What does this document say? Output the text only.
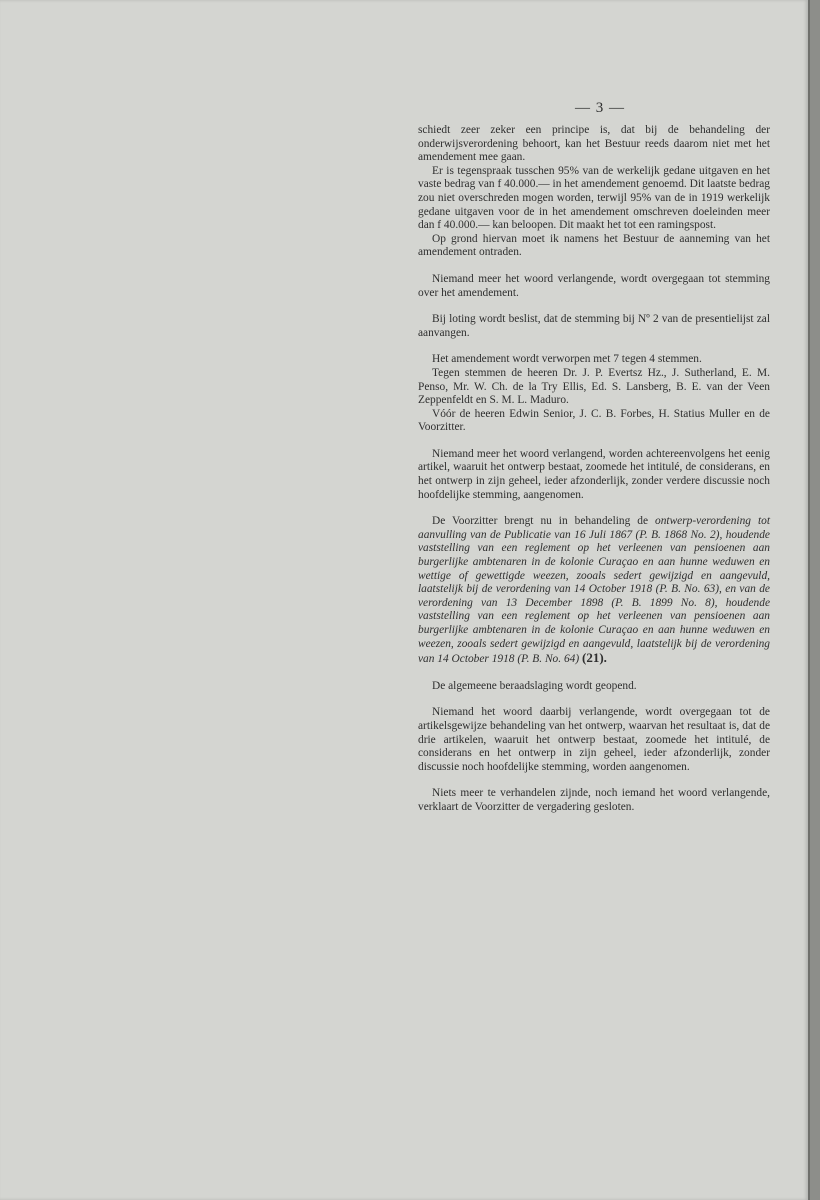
— 3 —

schiedt zeer zeker een principe is, dat bij de behandeling der onderwijsverordening behoort, kan het Bestuur reeds daarom niet met het amendement mee gaan.

Er is tegenspraak tusschen 95% van de werkelijk gedane uitgaven en het vaste bedrag van f 40.000.— in het amendement genoemd. Dit laatste bedrag zou niet overschreden mogen worden, terwijl 95% van de in 1919 werkelijk gedane uitgaven voor de in het amendement omschreven doeleinden meer dan f 40.000.— kan beloopen. Dit maakt het tot een ramingspost.

Op grond hiervan moet ik namens het Bestuur de aanneming van het amendement ontraden.

Niemand meer het woord verlangende, wordt overgegaan tot stemming over het amendement.

Bij loting wordt beslist, dat de stemming bij Nº 2 van de presentielijst zal aanvangen.

Het amendement wordt verworpen met 7 tegen 4 stemmen.

Tegen stemmen de heeren Dr. J. P. Evertsz Hz., J. Sutherland, E. M. Penso, Mr. W. Ch. de la Try Ellis, Ed. S. Lansberg, B. E. van der Veen Zeppenfeldt en S. M. L. Maduro.

Vóór de heeren Edwin Senior, J. C. B. Forbes, H. Statius Muller en de Voorzitter.

Niemand meer het woord verlangend, worden achtereenvolgens het eenig artikel, waaruit het ontwerp bestaat, zoomede het intitulé, de considerans, en het ontwerp in zijn geheel, ieder afzonderlijk, zonder verdere discussie noch hoofdelijke stemming, aangenomen.

De Voorzitter brengt nu in behandeling de ontwerp-verordening tot aanvulling van de Publicatie van 16 Juli 1867 (P. B. 1868 No. 2), houdende vaststelling van een reglement op het verleenen van pensioenen aan burgerlijke ambtenaren in de kolonie Curaçao en aan hunne weduwen en wettige of gewettigde weezen, zooals sedert gewijzigd en aangevuld, laatstelijk bij de verordening van 14 October 1918 (P. B. No. 63), en van de verordening van 13 December 1898 (P. B. 1899 No. 8), houdende vaststelling van een reglement op het verleenen van pensioenen aan burgerlijke ambtenaren in de kolonie Curaçao en aan hunne weduwen en weezen, zooals sedert gewijzigd en aangevuld, laatstelijk bij de verordening van 14 October 1918 (P. B. No. 64) (21).

De algemeene beraadslaging wordt geopend.

Niemand het woord daarbij verlangende, wordt overgegaan tot de artikelsgewijze behandeling van het ontwerp, waarvan het resultaat is, dat de drie artikelen, waaruit het ontwerp bestaat, zoomede het intitulé, de considerans en het ontwerp in zijn geheel, ieder afzonderlijk, zonder discussie noch hoofdelijke stemming, worden aangenomen.

Niets meer te verhandelen zijnde, noch iemand het woord verlangende, verklaart de Voorzitter de vergadering gesloten.
